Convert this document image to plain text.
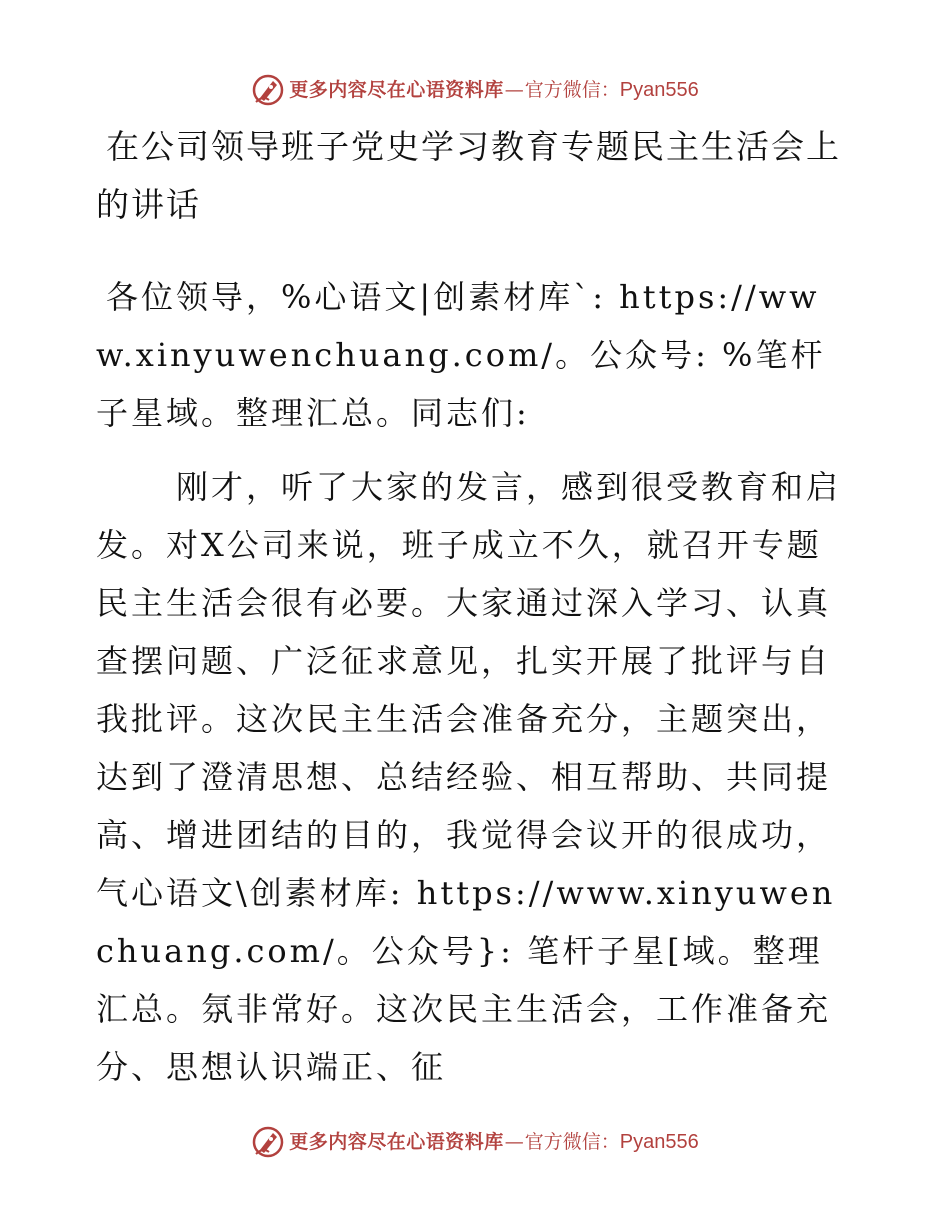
更多内容尽在心语资料库 — 官方微信： Pyan556
在公司领导班子党史学习教育专题民主生活会上的讲话

各位领导，%心语文|创素材库`: https://www.xinyuwenchuang.com/。公众号: %笔杆子星域。整理汇总。同志们:

刚才，听了大家的发言，感到很受教育和启发。对X公司来说，班子成立不久，就召开专题民主生活会很有必要。大家通过深入学习、认真查摆问题、广泛征求意见，扎实开展了批评与自我批评。这次民主生活会准备充分，主题突出，达到了澄清思想、总结经验、相互帮助、共同提高、增进团结的目的，我觉得会议开的很成功，气心语文\创素材库: https://www.xinyuwenchuang.com/。公众号}: 笔杆子星[域。整理汇总。氛非常好。这次民主生活会，工作准备充分、思想认识端正、征

更多内容尽在心语资料库 — 官方微信： Pyan556
